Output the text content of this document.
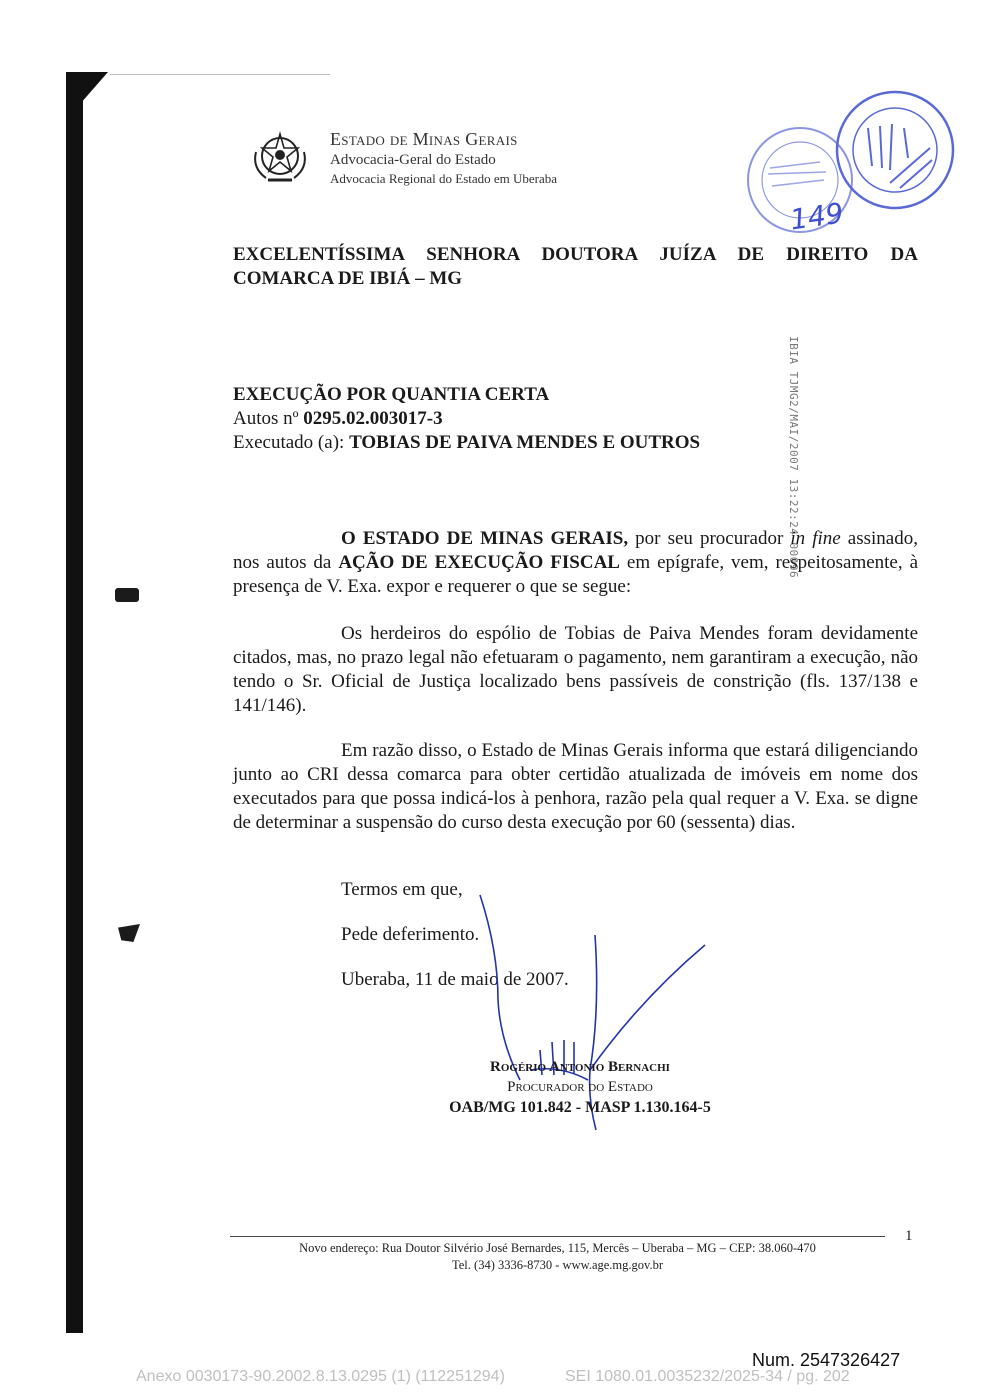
Estado de Minas Gerais
Advocacia-Geral do Estado
Advocacia Regional do Estado em Uberaba
149
IBIA TJMG2/MAI/2007 13:22:24 00096
EXCELENTÍSSIMA SENHORA DOUTORA JUÍZA DE DIREITO DA COMARCA DE IBIÁ – MG
EXECUÇÃO POR QUANTIA CERTA
Autos nº 0295.02.003017-3
Executado (a): TOBIAS DE PAIVA MENDES E OUTROS
O ESTADO DE MINAS GERAIS, por seu procurador in fine assinado, nos autos da AÇÃO DE EXECUÇÃO FISCAL em epígrafe, vem, respeitosamente, à presença de V. Exa. expor e requerer o que se segue:
Os herdeiros do espólio de Tobias de Paiva Mendes foram devidamente citados, mas, no prazo legal não efetuaram o pagamento, nem garantiram a execução, não tendo o Sr. Oficial de Justiça localizado bens passíveis de constrição (fls. 137/138 e 141/146).
Em razão disso, o Estado de Minas Gerais informa que estará diligenciando junto ao CRI dessa comarca para obter certidão atualizada de imóveis em nome dos executados para que possa indicá-los à penhora, razão pela qual requer a V. Exa. se digne de determinar a suspensão do curso desta execução por 60 (sessenta) dias.
Termos em que,
Pede deferimento.
Uberaba, 11 de maio de 2007.
Rogério Antonio Bernachi
Procurador do Estado
OAB/MG 101.842 - MASP 1.130.164-5
1
Novo endereço: Rua Doutor Silvério José Bernardes, 115, Mercês – Uberaba – MG – CEP: 38.060-470
Tel. (34) 3336-8730 - www.age.mg.gov.br
Num. 2547326427
Anexo 0030173-90.2002.8.13.0295 (1) (112251294)	SEI 1080.01.0035232/2025-34 / pg. 202
